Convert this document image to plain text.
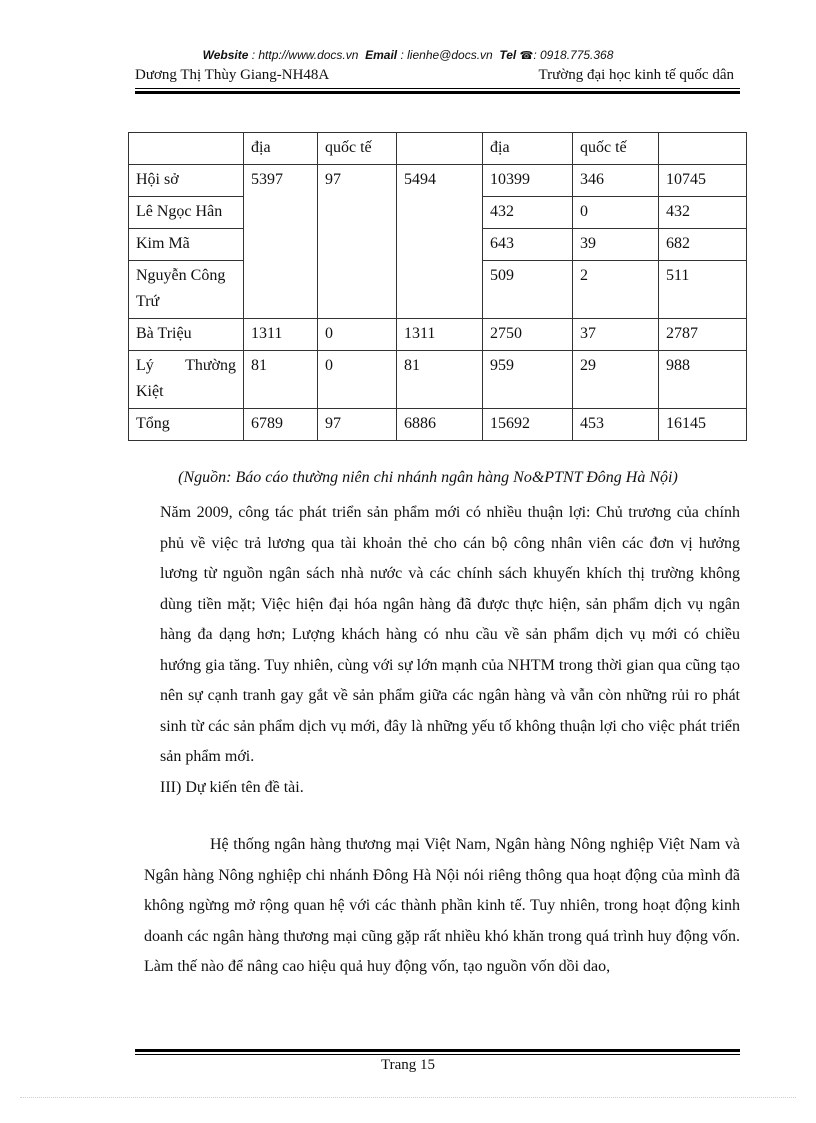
Website : http://www.docs.vn Email : lienhe@docs.vn Tel ☎: 0918.775.368
Dương Thị Thùy Giang-NH48A	Trường đại học kinh tế quốc dân
	địa	quốc tế		địa	quốc tế	
Hội sở	5397	97	5494	10399	346	10745
Lê Ngọc Hân				432	0	432
Kim Mã				643	39	682
Nguyễn Công Trứ				509	2	511
Bà Triệu	1311	0	1311	2750	37	2787
Lý Thường Kiệt	81	0	81	959	29	988
Tổng	6789	97	6886	15692	453	16145
(Nguồn: Báo cáo thường niên chi nhánh ngân hàng No&PTNT Đông Hà Nội)

Năm 2009, công tác phát triển sản phẩm mới có nhiều thuận lợi: Chủ trương của chính phủ về việc trả lương qua tài khoản thẻ cho cán bộ công nhân viên các đơn vị hưởng lương từ nguồn ngân sách nhà nước và các chính sách khuyến khích thị trường không dùng tiền mặt; Việc hiện đại hóa ngân hàng đã được thực hiện, sản phẩm dịch vụ ngân hàng đa dạng hơn; Lượng khách hàng có nhu cầu về sản phẩm dịch vụ mới có chiều hướng gia tăng. Tuy nhiên, cùng với sự lớn mạnh của NHTM trong thời gian qua cũng tạo nên sự cạnh tranh gay gắt về sản phẩm giữa các ngân hàng và vẫn còn những rủi ro phát sinh từ các sản phẩm dịch vụ mới, đây là những yếu tố không thuận lợi cho việc phát triển sản phẩm mới.

III) Dự kiến tên đề tài.

Hệ thống ngân hàng thương mại Việt Nam, Ngân hàng Nông nghiệp Việt Nam và Ngân hàng Nông nghiệp chi nhánh Đông Hà Nội nói riêng thông qua hoạt động của mình đã không ngừng mở rộng quan hệ với các thành phần kinh tế. Tuy nhiên, trong hoạt động kinh doanh các ngân hàng thương mại cũng gặp rất nhiều khó khăn trong quá trình huy động vốn. Làm thế nào để nâng cao hiệu quả huy động vốn, tạo nguồn vốn dồi dao,

Trang 15
